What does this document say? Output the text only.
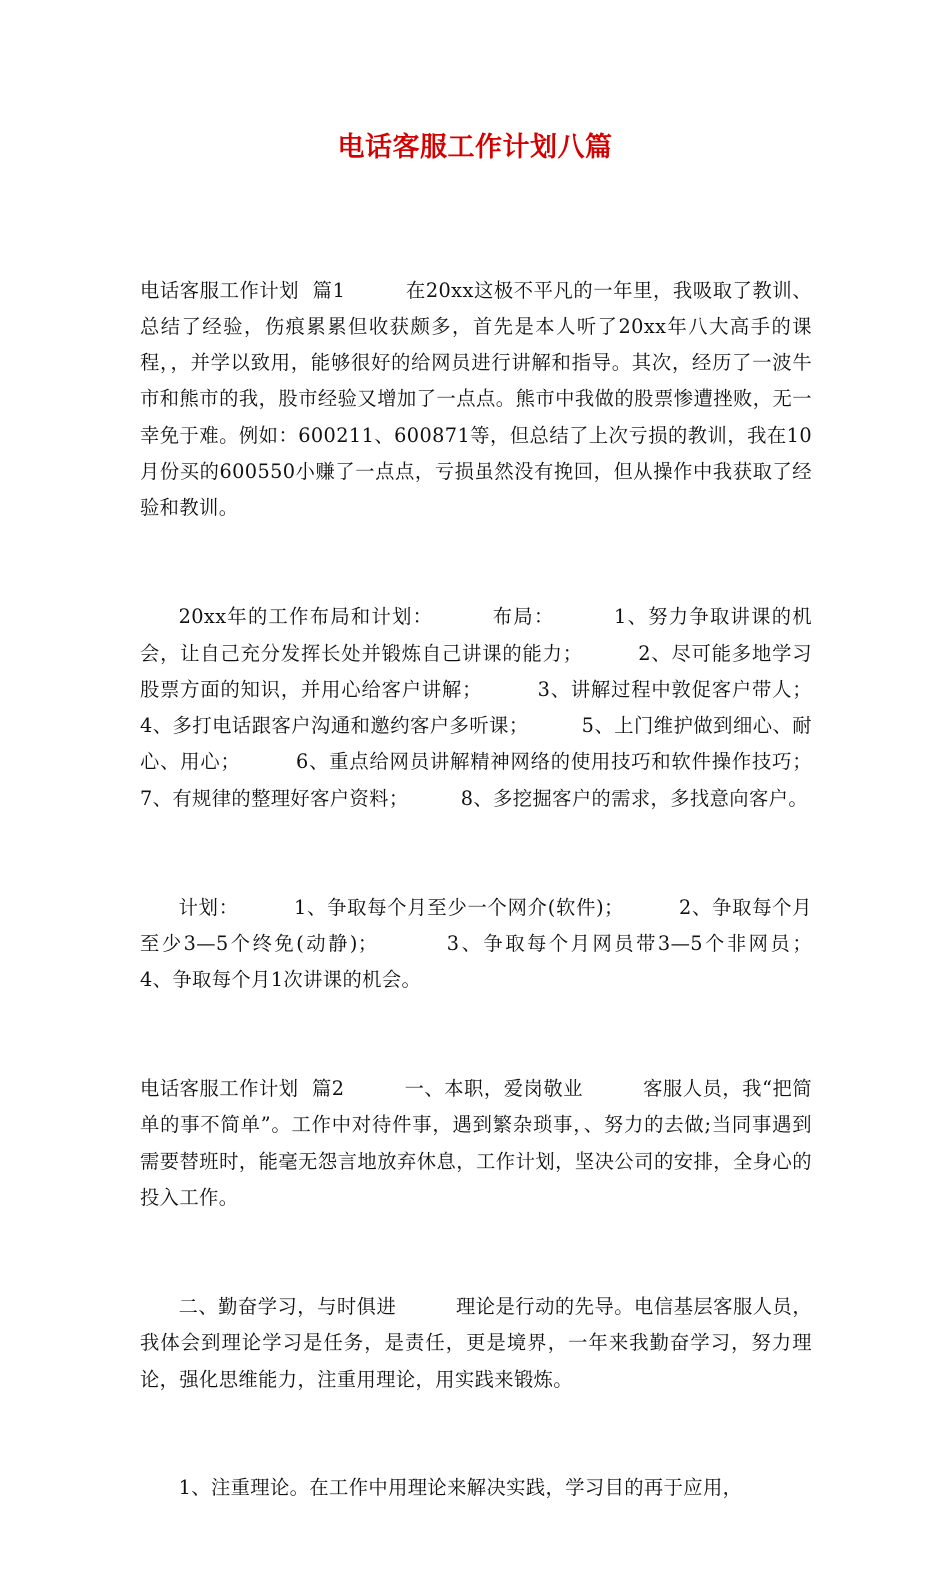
电话客服工作计划八篇

电话客服工作计划  篇1         在20xx这极不平凡的一年里，我吸取了教训、总结了经验，伤痕累累但收获颇多，首先是本人听了20xx年八大高手的课程，，并学以致用，能够很好的给网员进行讲解和指导。其次，经历了一波牛市和熊市的我，股市经验又增加了一点点。熊市中我做的股票惨遭挫败，无一幸免于难。例如：600211、600871等，但总结了上次亏损的教训，我在10月份买的600550小赚了一点点，亏损虽然没有挽回，但从操作中我获取了经验和教训。

20xx年的工作布局和计划：        布局：        1、努力争取讲课的机会，让自己充分发挥长处并锻炼自己讲课的能力；        2、尽可能多地学习股票方面的知识，并用心给客户讲解；        3、讲解过程中敦促客户带人；        4、多打电话跟客户沟通和邀约客户多听课；        5、上门维护做到细心、耐心、用心；        6、重点给网员讲解精神网络的使用技巧和软件操作技巧；        7、有规律的整理好客户资料；        8、多挖掘客户的需求，多找意向客户。

计划：        1、争取每个月至少一个网介(软件)；        2、争取每个月至少3—5个终免(动静)；        3、争取每个月网员带3—5个非网员；        4、争取每个月1次讲课的机会。

电话客服工作计划  篇2         一、本职，爱岗敬业         客服人员，我“把简单的事不简单”。工作中对待件事，遇到繁杂琐事，、努力的去做;当同事遇到需要替班时，能毫无怨言地放弃休息，工作计划，坚决公司的安排，全身心的投入工作。

二、勤奋学习，与时俱进         理论是行动的先导。电信基层客服人员，我体会到理论学习是任务，是责任，更是境界，一年来我勤奋学习，努力理论，强化思维能力，注重用理论，用实践来锻炼。

1、注重理论。在工作中用理论来解决实践，学习目的再于应用，
